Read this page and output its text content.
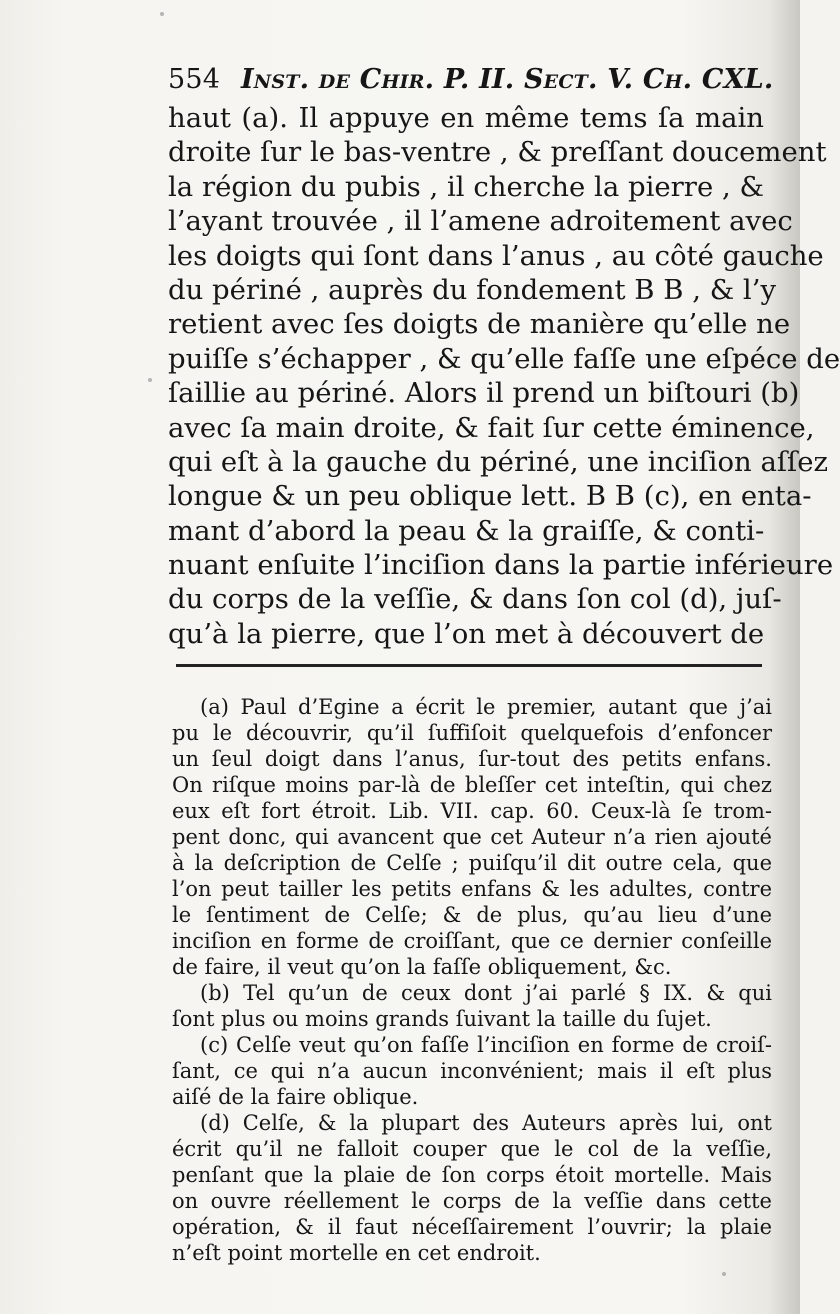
554 Inst. de Chir. P. II. Sect. V. Ch. CXL.
haut (a). Il appuye en même tems ſa main
droite ſur le bas-ventre , & preſſant doucement
la région du pubis , il cherche la pierre , &
l’ayant trouvée , il l’amene adroitement avec
les doigts qui ſont dans l’anus , au côté gauche
du périné , auprès du fondement B B , & l’y
retient avec ſes doigts de manière qu’elle ne
puiſſe s’échapper , & qu’elle faſſe une eſpéce de
ſaillie au périné. Alors il prend un biſtouri (b)
avec ſa main droite, & fait ſur cette éminence,
qui eſt à la gauche du périné, une inciſion aſſez
longue & un peu oblique lett. B B (c), en enta-
mant d’abord la peau & la graiſſe, & conti-
nuant enſuite l’inciſion dans la partie inférieure
du corps de la veſſie, & dans ſon col (d), juſ-
qu’à la pierre, que l’on met à découvert de
(a) Paul d’Egine a écrit le premier, autant que j’ai
pu le découvrir, qu’il ſuffiſoit quelquefois d’enfoncer
un ſeul doigt dans l’anus, ſur-tout des petits enfans.
On riſque moins par-là de bleſſer cet inteſtin, qui chez
eux eſt fort étroit. Lib. VII. cap. 60. Ceux-là ſe trom-
pent donc, qui avancent que cet Auteur n’a rien ajouté
à la deſcription de Celſe ; puiſqu’il dit outre cela, que
l’on peut tailler les petits enfans & les adultes, contre
le ſentiment de Celſe; & de plus, qu’au lieu d’une
inciſion en forme de croiſſant, que ce dernier conſeille
de faire, il veut qu’on la faſſe obliquement, &c.
(b) Tel qu’un de ceux dont j’ai parlé § IX. & qui
ſont plus ou moins grands ſuivant la taille du ſujet.
(c) Celſe veut qu’on faſſe l’inciſion en forme de croiſ-
ſant, ce qui n’a aucun inconvénient; mais il eſt plus
aiſé de la faire oblique.
(d) Celſe, & la plupart des Auteurs après lui, ont
écrit qu’il ne falloit couper que le col de la veſſie,
penſant que la plaie de ſon corps étoit mortelle. Mais
on ouvre réellement le corps de la veſſie dans cette
opération, & il faut néceſſairement l’ouvrir; la plaie
n’eſt point mortelle en cet endroit.
